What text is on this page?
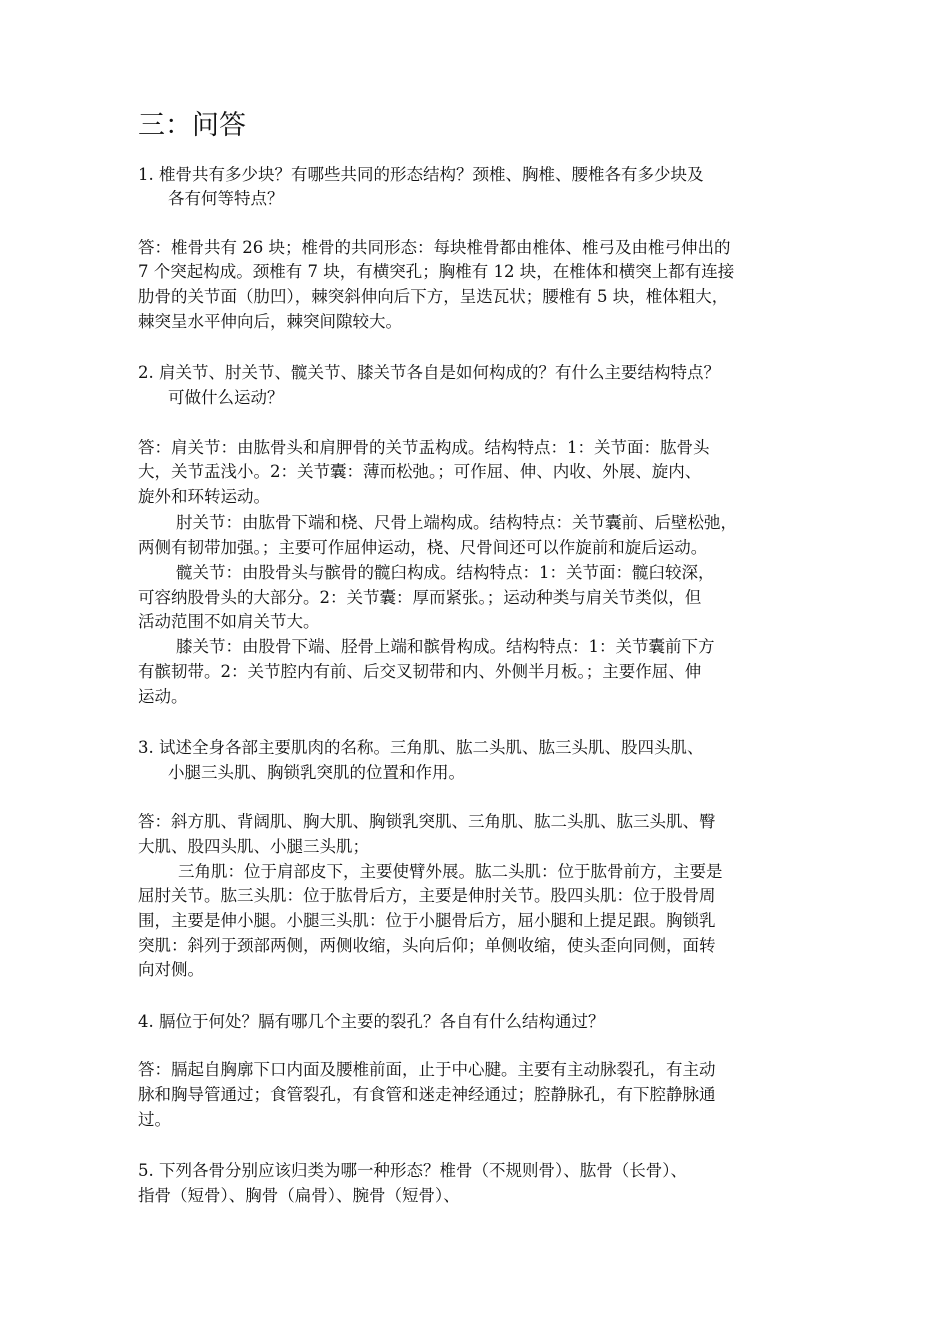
三：问答
1. 椎骨共有多少块？有哪些共同的形态结构？颈椎、胸椎、腰椎各有多少块及
各有何等特点？
答：椎骨共有 26 块；椎骨的共同形态：每块椎骨都由椎体、椎弓及由椎弓伸出的
7 个突起构成。颈椎有 7 块，有横突孔；胸椎有 12 块，在椎体和横突上都有连接
肋骨的关节面（肋凹），棘突斜伸向后下方，呈迭瓦状；腰椎有 5 块，椎体粗大，
棘突呈水平伸向后，棘突间隙较大。
2. 肩关节、肘关节、髋关节、膝关节各自是如何构成的？有什么主要结构特点？
可做什么运动？
答：肩关节：由肱骨头和肩胛骨的关节盂构成。结构特点：1：关节面：肱骨头
大，关节盂浅小。2：关节囊：薄而松弛。；可作屈、伸、内收、外展、旋内、
旋外和环转运动。
肘关节：由肱骨下端和桡、尺骨上端构成。结构特点：关节囊前、后壁松弛，
两侧有韧带加强。；主要可作屈伸运动，桡、尺骨间还可以作旋前和旋后运动。
髋关节：由股骨头与髌骨的髋臼构成。结构特点：1：关节面：髋臼较深，
可容纳股骨头的大部分。2：关节囊：厚而紧张。；运动种类与肩关节类似，但
活动范围不如肩关节大。
膝关节：由股骨下端、胫骨上端和髌骨构成。结构特点：1：关节囊前下方
有髌韧带。2：关节腔内有前、后交叉韧带和内、外侧半月板。；主要作屈、伸
运动。
3. 试述全身各部主要肌肉的名称。三角肌、肱二头肌、肱三头肌、股四头肌、
小腿三头肌、胸锁乳突肌的位置和作用。
答：斜方肌、背阔肌、胸大肌、胸锁乳突肌、三角肌、肱二头肌、肱三头肌、臀
大肌、股四头肌、小腿三头肌；
三角肌：位于肩部皮下，主要使臂外展。肱二头肌：位于肱骨前方，主要是
屈肘关节。肱三头肌：位于肱骨后方，主要是伸肘关节。股四头肌：位于股骨周
围，主要是伸小腿。小腿三头肌：位于小腿骨后方，屈小腿和上提足跟。胸锁乳
突肌：斜列于颈部两侧，两侧收缩，头向后仰；单侧收缩，使头歪向同侧，面转
向对侧。
4. 膈位于何处？膈有哪几个主要的裂孔？各自有什么结构通过？
答：膈起自胸廓下口内面及腰椎前面，止于中心腱。主要有主动脉裂孔，有主动
脉和胸导管通过；食管裂孔，有食管和迷走神经通过；腔静脉孔，有下腔静脉通
过。
5. 下列各骨分别应该归类为哪一种形态？椎骨（不规则骨）、肱骨（长骨）、
指骨（短骨）、胸骨（扁骨）、腕骨（短骨）、
